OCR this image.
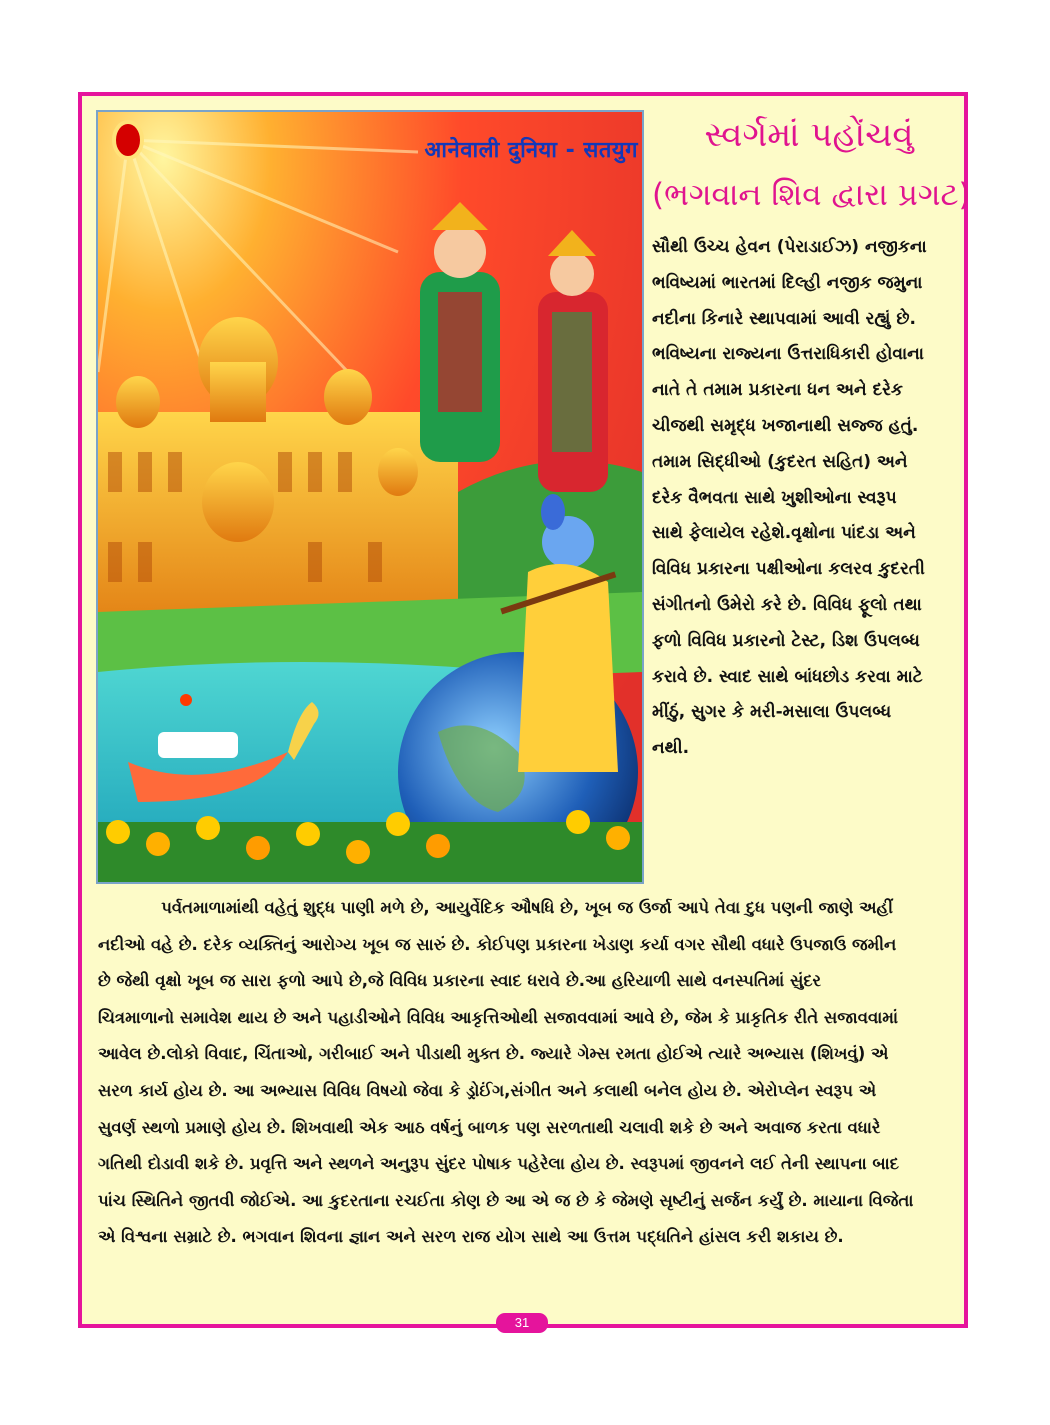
आनेवाली दुनिया - सतयुग	સ્વર્ગમાં પહોંચવું
(ભગવાન શિવ દ્વારા પ્રગટ)
સૌથી ઉચ્ચ હેવન (પેરાડાઈઝ) નજીકના
ભવિષ્યમાં ભારતમાં દિલ્હી નજીક જમુના
નદીના કિનારે સ્થાપવામાં આવી રહ્યું છે.
ભવિષ્યના રાજ્યના ઉત્તરાધિકારી હોવાના
નાતે તે તમામ પ્રકારના ધન અને દરેક
ચીજથી સમૃદ્ધ ખજાનાથી સજ્જ હતું.
તમામ સિદ્ધીઓ (કુદરત સહિત) અને
દરેક વૈભવતા સાથે ખુશીઓના સ્વરૂપ
સાથે ફેલાયેલ રહેશે.વૃક્ષોના પાંદડા અને
વિવિધ પ્રકારના પક્ષીઓના કલરવ કુદરતી
સંગીતનો ઉમેરો કરે છે. વિવિધ ફૂલો તથા
ફળો વિવિધ પ્રકારનો ટેસ્ટ, ડિશ ઉપલબ્ધ
કરાવે છે. સ્વાદ સાથે બાંધછોડ કરવા માટે
મીંઠું, સુગર કે મરી-મસાલા ઉપલબ્ધ
નથી.
પર્વતમાળામાંથી વહેતું શુદ્ધ પાણી મળે છે, આયુર્વેદિક ઔષધિ છે, ખૂબ જ ઉર્જા આપે તેવા દુધ પણની જાણે અહીં
નદીઓ વહે છે. દરેક વ્યક્તિનું આરોગ્ય ખૂબ જ સારું છે. કોઈપણ પ્રકારના ખેડાણ કર્યા વગર સૌથી વધારે ઉપજાઉ જમીન
છે જેથી વૃક્ષો ખૂબ જ સારા ફળો આપે છે,જે વિવિધ પ્રકારના સ્વાદ ધરાવે છે.આ હરિયાળી સાથે વનસ્પતિમાં સુંદર
ચિત્રમાળાનો સમાવેશ થાય છે અને પહાડીઓને વિવિધ આકૃત્તિઓથી સજાવવામાં આવે છે, જેમ કે પ્રાકૃતિક રીતે સજાવવામાં
આવેલ છે.લોકો વિવાદ, ચિંતાઓ, ગરીબાઈ અને પીડાથી મુક્ત છે. જ્યારે ગેમ્સ રમતા હોઈએ ત્યારે અભ્યાસ (શિખવું) એ
સરળ કાર્ય હોય છે. આ અભ્યાસ વિવિધ વિષયો જેવા કે ડ્રોઈંગ,સંગીત અને કલાથી બનેલ હોય છે. એરોપ્લેન સ્વરૂપ એ
સુવર્ણ સ્થળો પ્રમાણે હોય છે. શિખવાથી એક આઠ વર્ષનું બાળક પણ સરળતાથી ચલાવી શકે છે અને અવાજ કરતા વધારે
ગતિથી દોડાવી શકે છે. પ્રવૃત્તિ અને સ્થળને અનુરૂપ સુંદર પોષાક પહેરેલા હોય છે. સ્વરૂપમાં જીવનને લઈ તેની સ્થાપના બાદ
પાંચ સ્થિતિને જીતવી જોઈએ. આ કુદરતાના રચઈતા કોણ છે આ એ જ છે કે જેમણે સૃષ્ટીનું સર્જન કર્યું છે. માયાના વિજેતા
એ વિશ્વના સમ્રાટે છે. ભગવાન શિવના જ્ઞાન અને સરળ રાજ યોગ સાથે આ ઉત્તમ પદ્ધતિને હાંસલ કરી શકાય છે.
31
